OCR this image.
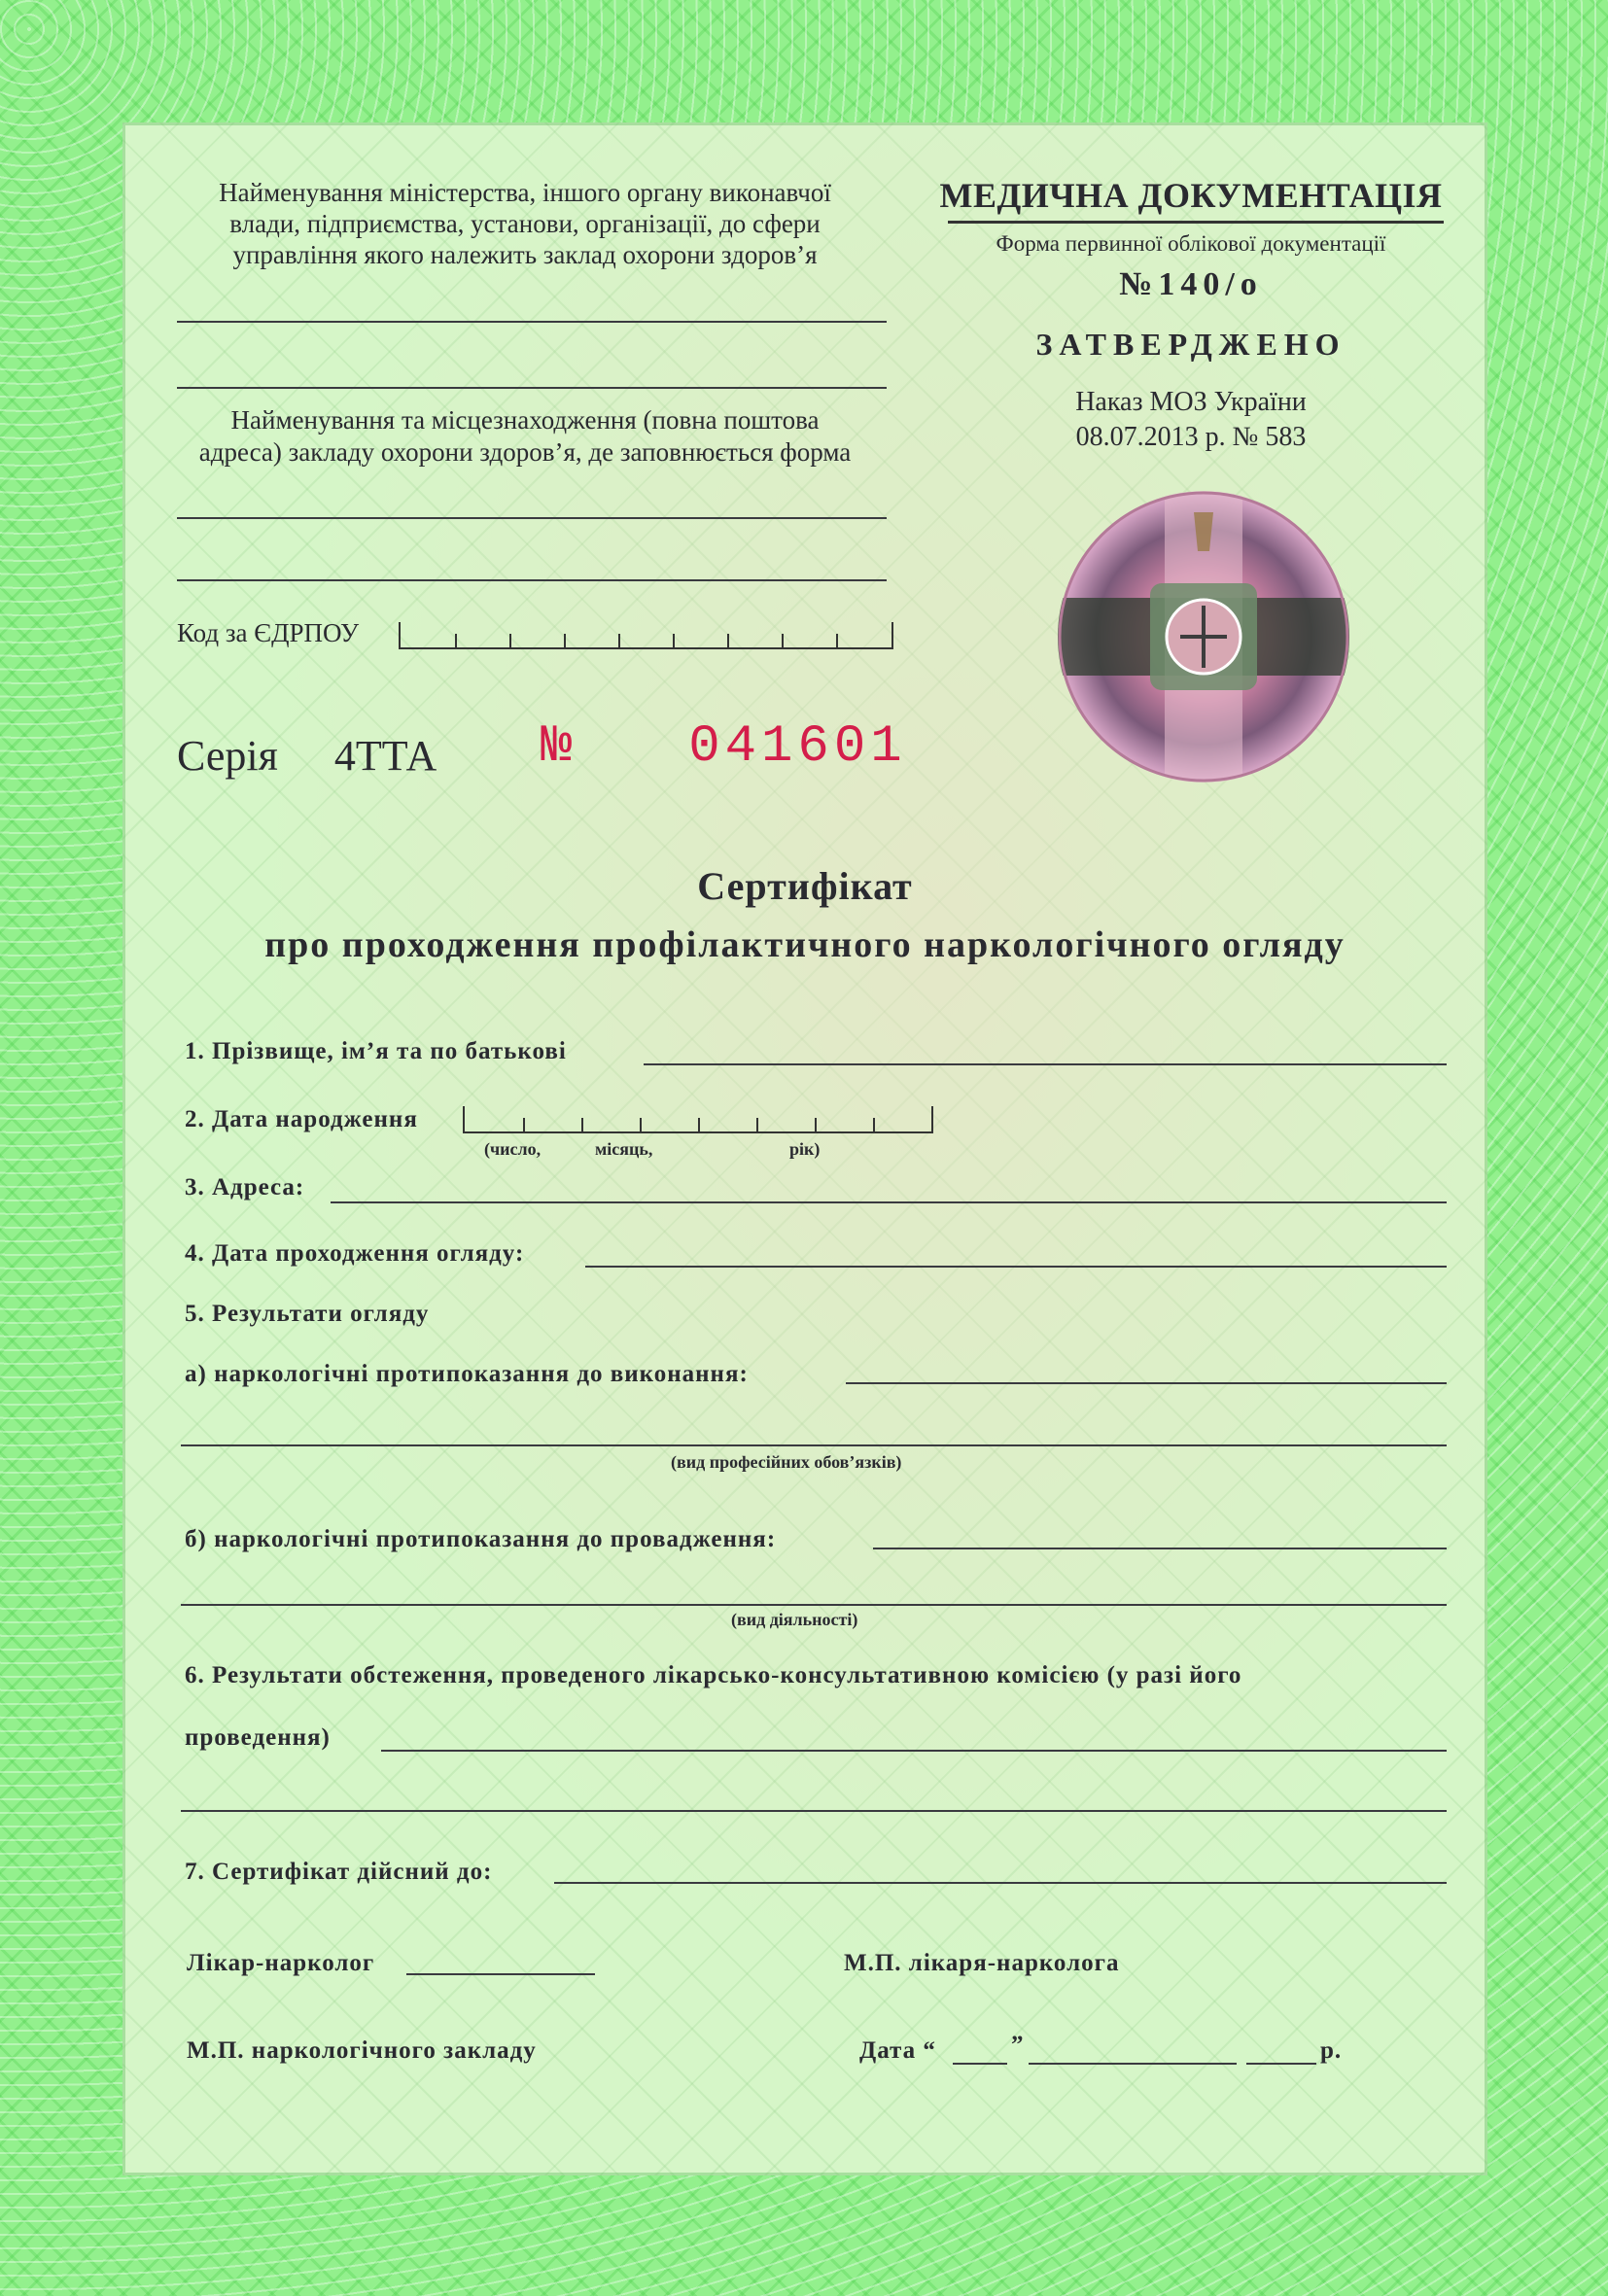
Найменування міністерства, іншого органу виконавчої
влади, підприємства, установи, організації, до сфери
управління якого належить заклад охорони здоров’я
Найменування та місцезнаходження (повна поштова
адреса) закладу охорони здоров’я, де заповнюється форма
Код за ЄДРПОУ
МЕДИЧНА ДОКУМЕНТАЦІЯ
Форма первинної облікової документації
№140/о
ЗАТВЕРДЖЕНО
Наказ МОЗ України
08.07.2013 р. № 583
Серія 4ТТА № 041601
Сертифікат
про проходження профілактичного наркологічного огляду
1. Прізвище, ім’я та по батькові
2. Дата народження
(число,	місяць,	рік)
3. Адреса:
4. Дата проходження огляду:
5. Результати огляду
а) наркологічні протипоказання до виконання:
(вид професійних обов’язків)
б) наркологічні протипоказання до провадження:
(вид діяльності)
6. Результати обстеження, проведеного лікарсько-консультативною комісією (у разі його
проведення)
7. Сертифікат дійсний до:
Лікар-нарколог	М.П. лікаря-нарколога
М.П. наркологічного закладу	Дата “	”	р.
